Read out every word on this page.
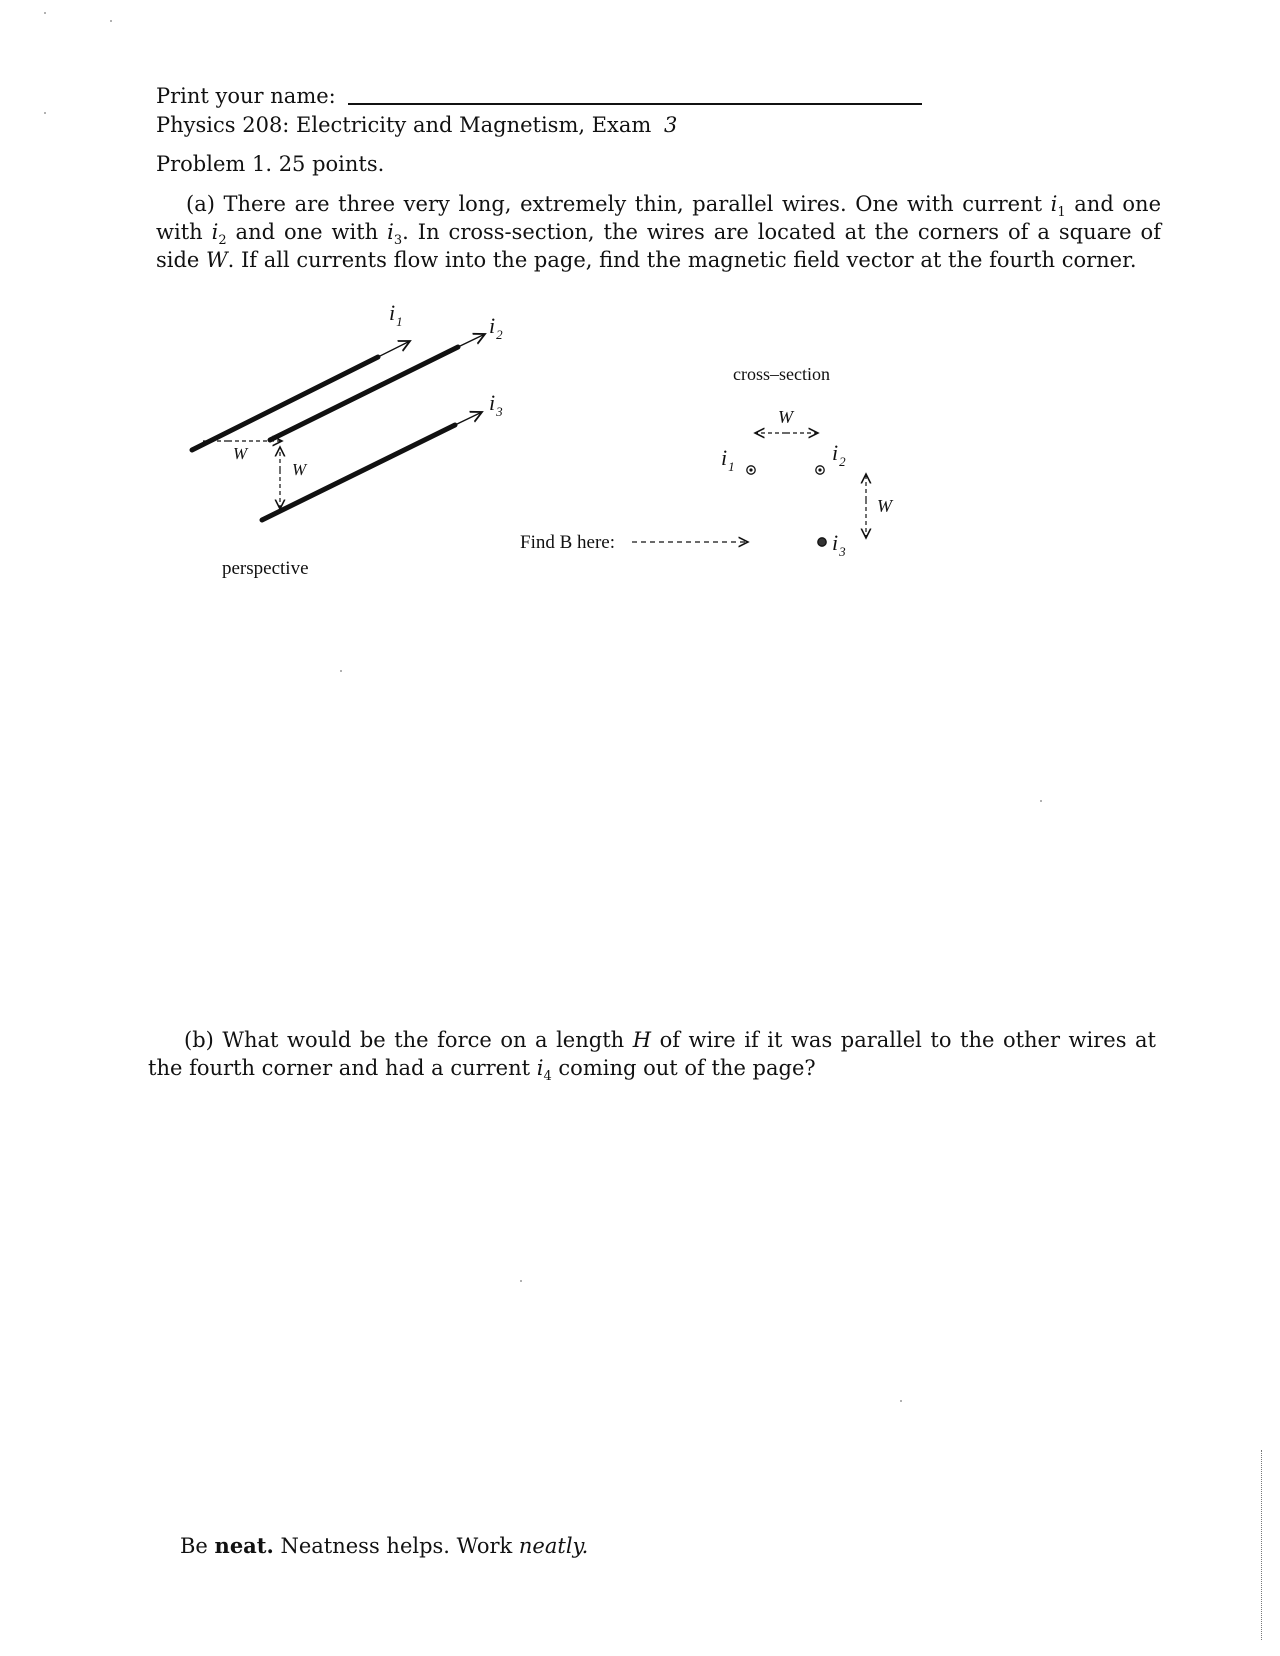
Print your name:
Physics 208: Electricity and Magnetism, Exam 3
Problem 1. 25 points.
(a) There are three very long, extremely thin, parallel wires. One with current $i_1$ and one with $i_2$ and one with $i_3$. In cross-section, the wires are located at the corners of a square of side W. If all currents flow into the page, find the magnetic field vector at the fourth corner.
$i_1$	$i_2$
$i_3$
W
W
cross–section
W
W
$i_1$
$i_2$
$i_3$
Find B here:
perspective
(b) What would be the force on a length H of wire if it was parallel to the other wires at the fourth corner and had a current $i_4$ coming out of the page?
Be neat. Neatness helps. Work neatly.
